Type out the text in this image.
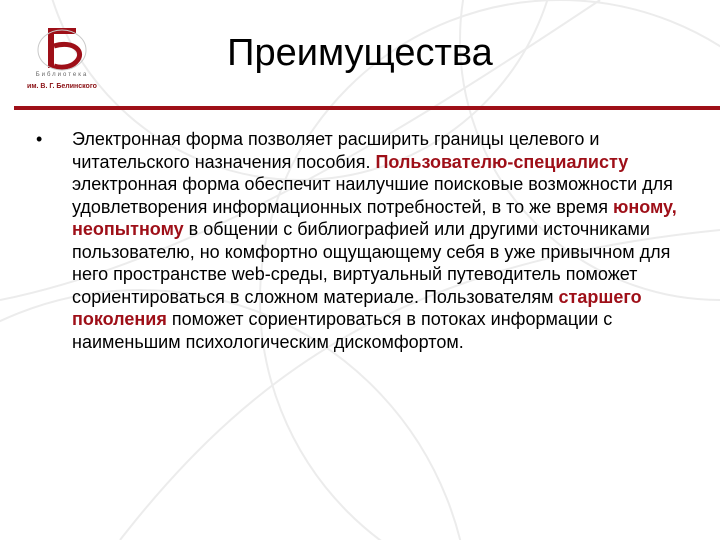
Библиотека
им. В. Г. Белинского
Преимущества
• Электронная форма позволяет расширить границы целевого и читательского назначения пособия. Пользователю-специалисту электронная форма обеспечит наилучшие поисковые возможности для удовлетворения информационных потребностей, в то же время юному, неопытному в общении с библиографией или другими источниками пользователю, но комфортно ощущающему себя в уже привычном для него пространстве web-среды, виртуальный путеводитель поможет сориентироваться в сложном материале. Пользователям старшего поколения поможет сориентироваться в потоках информации с наименьшим психологическим дискомфортом.
